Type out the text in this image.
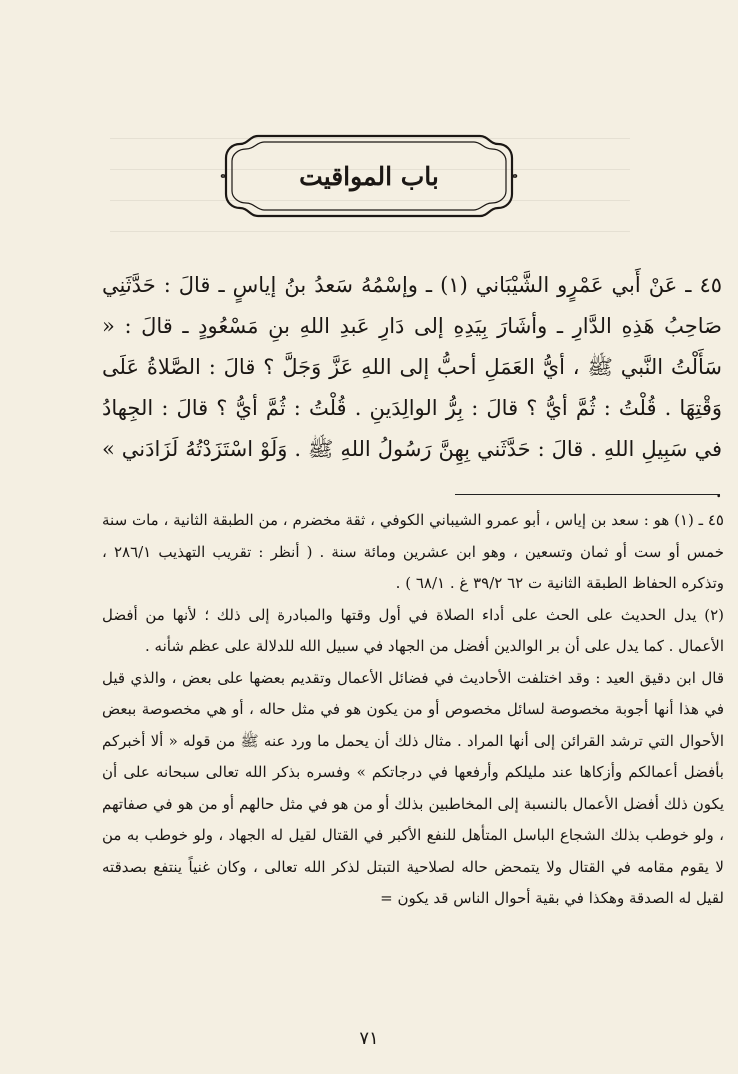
باب المواقيت

٤٥ ـ عَنْ أَبي عَمْرٍو الشَّيْبَاني (١) ـ وإسْمُهُ سَعدُ بنُ إياسٍ ـ قالَ : حَدَّثَنِي صَاحِبُ هَذِهِ الدَّارِ ـ وأشَارَ بِيَدِهِ إلى دَارِ عَبدِ اللهِ بنِ مَسْعُودٍ ـ قالَ : « سَأَلْتُ النَّبي ﷺ ، أيُّ العَمَلِ أحبُّ إلى اللهِ عَزَّ وَجَلَّ ؟ قالَ : الصَّلاةُ عَلَى وَقْتِهَا . قُلْتُ : ثُمَّ أيُّ ؟ قالَ : بِرُّ الوالِدَينِ . قُلْتُ : ثُمَّ أيُّ ؟ قالَ : الجِهادُ في سَبِيلِ اللهِ . قالَ : حَدَّثَني بِهِنَّ رَسُولُ اللهِ ﷺ . وَلَوْ اسْتَزَدْتُهُ لَزَادَني » .

٤٥ ـ (١) هو : سعد بن إياس ، أبو عمرو الشيباني الكوفي ، ثقة مخضرم ، من الطبقة الثانية ، مات سنة خمس أو ست أو ثمان وتسعين ، وهو ابن عشرين ومائة سنة . ( أنظر : تقريب التهذيب ٢٨٦/١ ، وتذكره الحفاظ الطبقة الثانية ت ٦٢ ٣٩/٢ غ . ٦٨/١ ) .

(٢) يدل الحديث على الحث على أداء الصلاة في أول وقتها والمبادرة إلى ذلك ؛ لأنها من أفضل الأعمال . كما يدل على أن بر الوالدين أفضل من الجهاد في سبيل الله للدلالة على عظم شأنه .

قال ابن دقيق العيد : وقد اختلفت الأحاديث في فضائل الأعمال وتقديم بعضها على بعض ، والذي قيل في هذا أنها أجوبة مخصوصة لسائل مخصوص أو من يكون هو في مثل حاله ، أو هي مخصوصة ببعض الأحوال التي ترشد القرائن إلى أنها المراد . مثال ذلك أن يحمل ما ورد عنه ﷺ من قوله « ألا أخبركم بأفضل أعمالكم وأزكاها عند مليلكم وأرفعها في درجاتكم » وفسره بذكر الله تعالى سبحانه على أن يكون ذلك أفضل الأعمال بالنسبة إلى المخاطبين بذلك أو من هو في مثل حالهم أو من هو في صفاتهم ، ولو خوطب بذلك الشجاع الباسل المتأهل للنفع الأكبر في القتال لقيل له الجهاد ، ولو خوطب به من لا يقوم مقامه في القتال ولا يتمحض حاله لصلاحية التبتل لذكر الله تعالى ، وكان غنياً ينتفع بصدقته لقيل له الصدقة وهكذا في بقية أحوال الناس قد يكون =

٧١
